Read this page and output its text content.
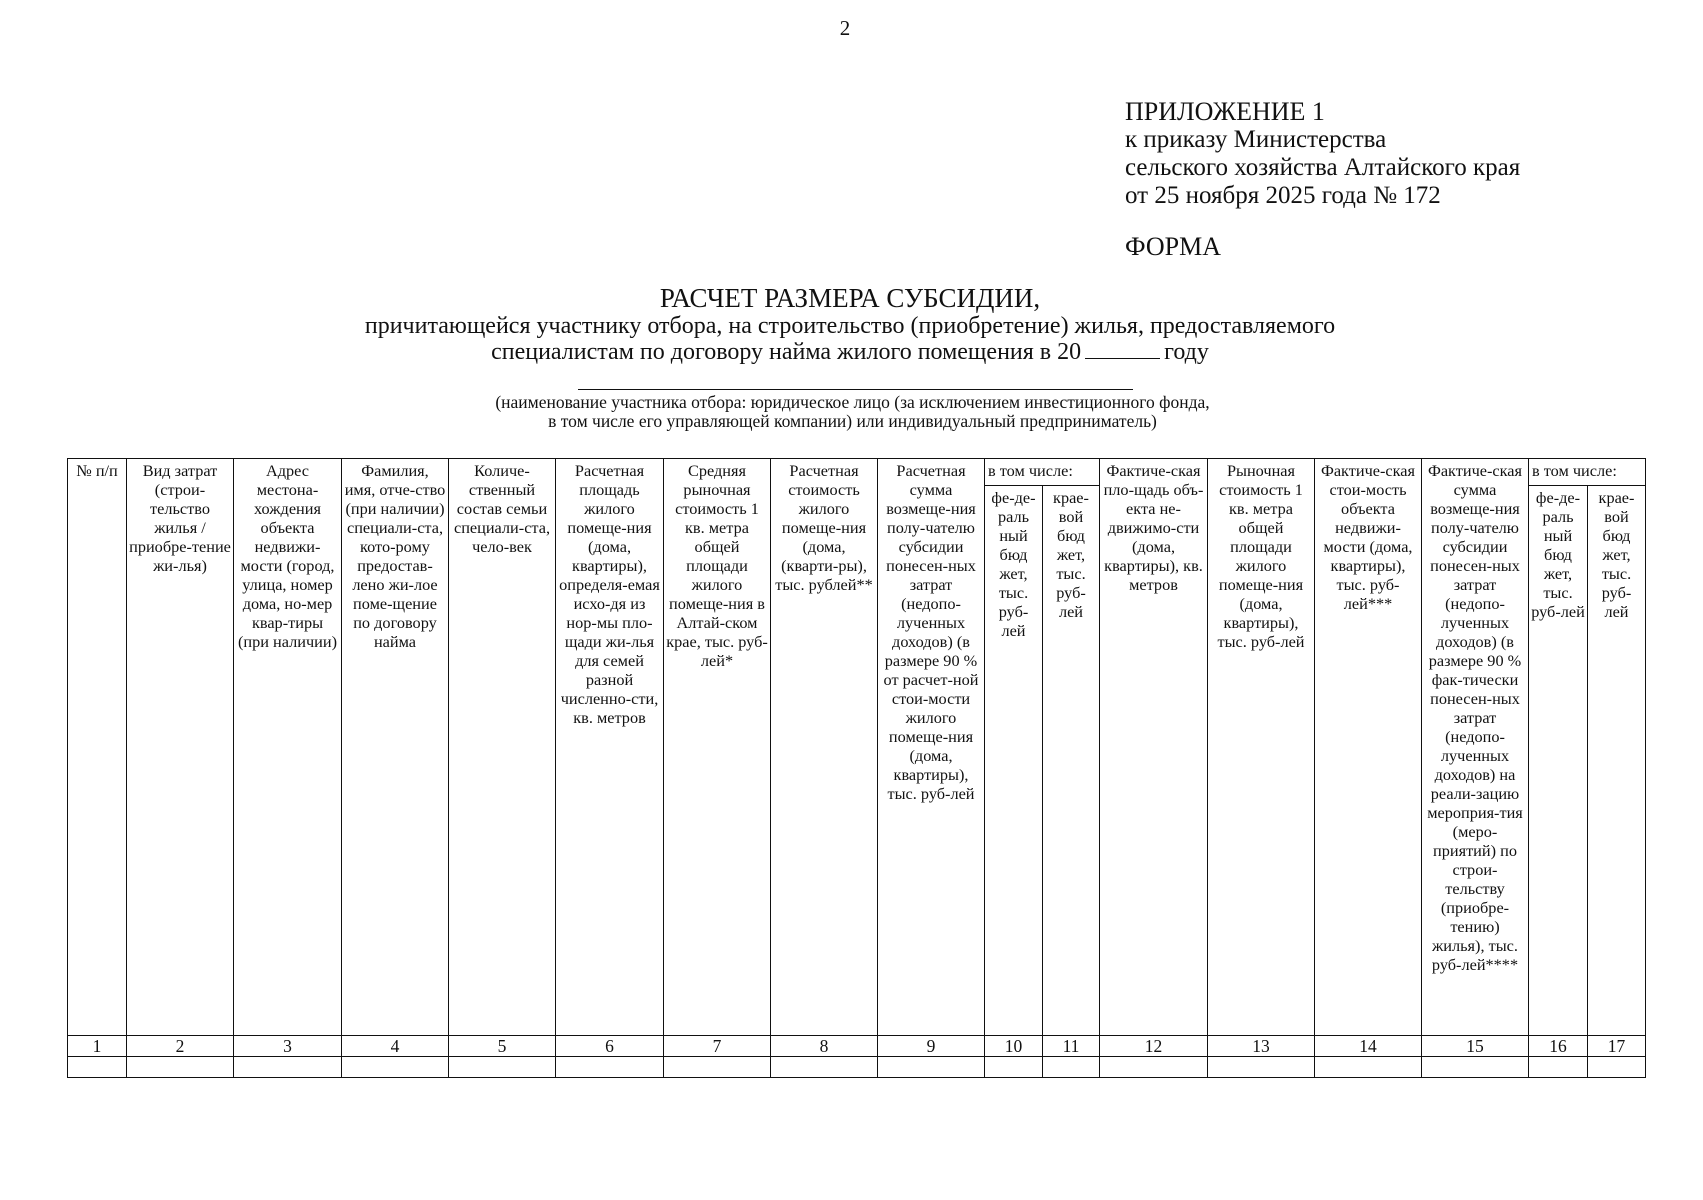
2
ПРИЛОЖЕНИЕ 1
к приказу Министерства
сельского хозяйства Алтайского края
от 25 ноября 2025 года № 172
ФОРМА
РАСЧЕТ РАЗМЕРА СУБСИДИИ,
причитающейся участнику отбора, на строительство (приобретение) жилья, предоставляемого
специалистам по договору найма жилого помещения в 20	году
(наименование участника отбора: юридическое лицо (за исключением инвестиционного фонда,
в том числе его управляющей компании) или индивидуальный предприниматель)
№ п/п	Вид затрат (строи-тельство жилья / приобре-тение жи-лья)	Адрес местона-хождения объекта недвижи-мости (город, улица, номер дома, но-мер квар-тиры (при наличии)	Фамилия, имя, отче-ство (при наличии) специали-ста, кото-рому предостав-лено жи-лое поме-щение по договору найма	Количе-ственный состав семьи специали-ста, чело-век	Расчетная площадь жилого помеще-ния (дома, квартиры), определя-емая исхо-дя из нор-мы пло-щади жи-лья для семей разной численно-сти, кв. метров	Средняя рыночная стоимость 1 кв. метра общей площади жилого помеще-ния в Алтай-ском крае, тыс. руб-лей*	Расчетная стоимость жилого помеще-ния (дома, (кварти-ры), тыс. рублей**	Расчетная сумма возмеще-ния полу-чателю субсидии понесен-ных затрат (недопо-лученных доходов) (в размере 90 % от расчет-ной стои-мости жилого помеще-ния (дома, квартиры), тыс. руб-лей	в том числе:		Фактиче-ская пло-щадь объ-екта не-движимо-сти (дома, квартиры), кв. метров	Рыночная стоимость 1 кв. метра общей площади жилого помеще-ния (дома, квартиры), тыс. руб-лей	Фактиче-ская стои-мость объекта недвижи-мости (дома, квартиры), тыс. руб-лей***	Фактиче-ская сумма возмеще-ния полу-чателю субсидии понесен-ных затрат (недопо-лученных доходов) (в размере 90 % фак-тически понесен-ных затрат (недопо-лученных доходов) на реали-зацию мероприя-тия (меро-приятий) по строи-тельству (приобре-тению) жилья), тыс. руб-лей****	в том числе:	
									фе-де-раль ный бюд жет, тыс. руб-лей	крае-вой бюд жет, тыс. руб-лей					фе-де-раль ный бюд жет, тыс. руб-лей	крае-вой бюд жет, тыс. руб-лей
1	2	3	4	5	6	7	8	9	10	11	12	13	14	15	16	17
